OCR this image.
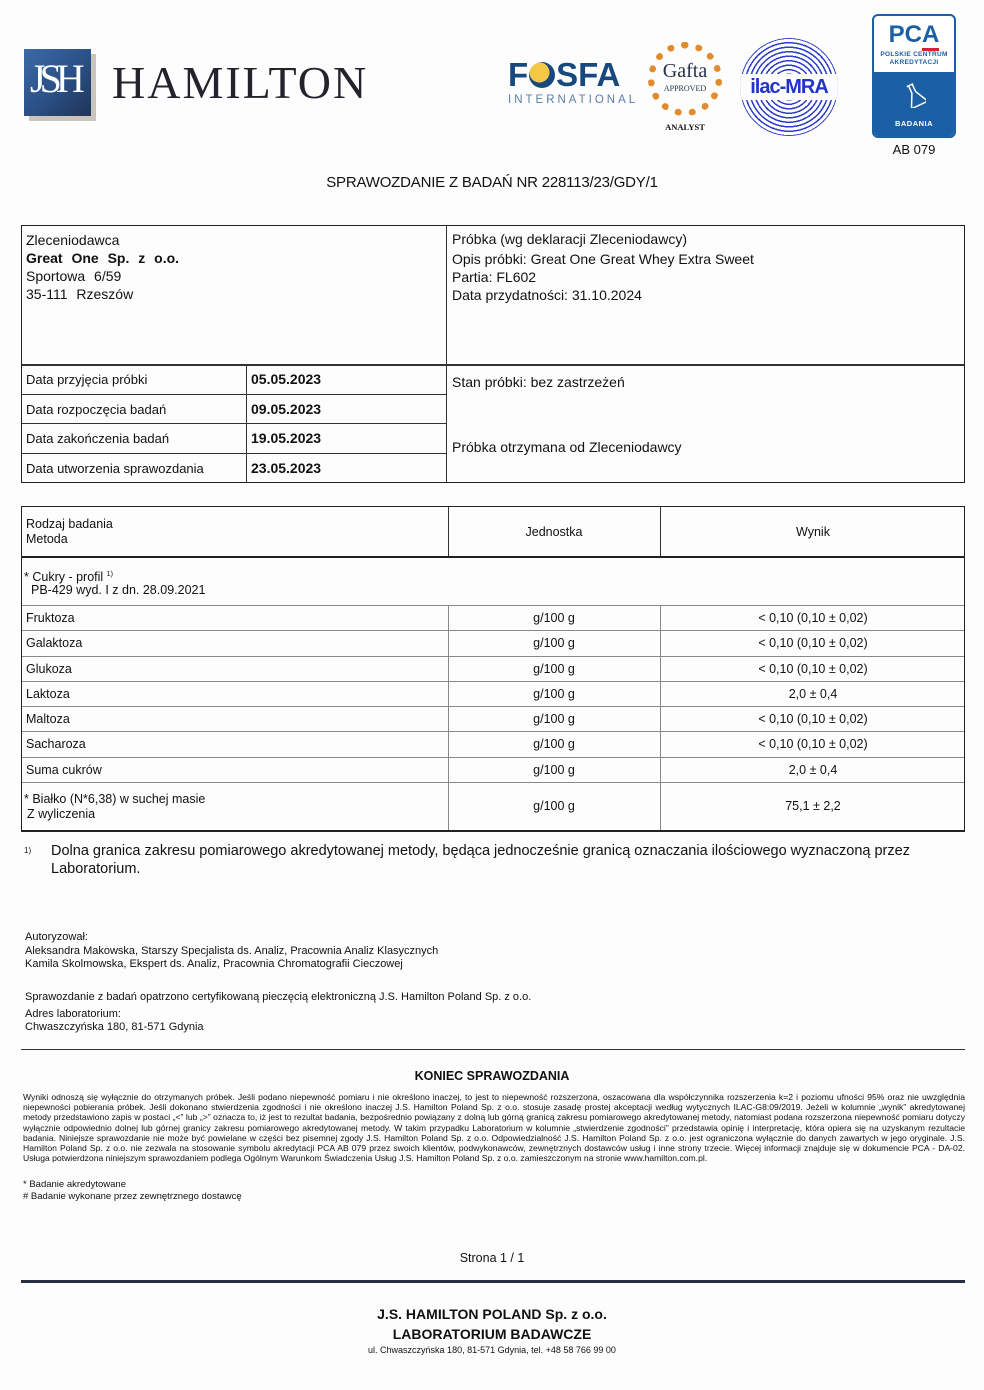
JSH HAMILTON	F SFA
INTERNATIONAL
Gafta
APPROVED
ANALYST
ilac-MRA
PCA
POLSKIE CENTRUM
AKREDYTACJI
BADANIA
AB 079
SPRAWOZDANIE Z BADAŃ NR 228113/23/GDY/1
Zleceniodawca
Great One Sp. z o.o.
Sportowa 6/59
35-111 Rzeszów
Próbka (wg deklaracji Zleceniodawcy)
Opis próbki: Great One Great Whey Extra Sweet
Partia: FL602
Data przydatności: 31.10.2024
Data przyjęcia próbki	05.05.2023
Data rozpoczęcia badań	09.05.2023
Data zakończenia badań	19.05.2023
Data utworzenia sprawozdania	23.05.2023
Stan próbki: bez zastrzeżeń
Próbka otrzymana od Zleceniodawcy
Rodzaj badania
Metoda	Jednostka	Wynik
* Cukry - profil $^{1)}$
PB-429 wyd. I z dn. 28.09.2021
Fruktoza	g/100 g	< 0,10 (0,10 ± 0,02)
Galaktoza	g/100 g	< 0,10 (0,10 ± 0,02)
Glukoza	g/100 g	< 0,10 (0,10 ± 0,02)
Laktoza	g/100 g	2,0 ± 0,4
Maltoza	g/100 g	< 0,10 (0,10 ± 0,02)
Sacharoza	g/100 g	< 0,10 (0,10 ± 0,02)
Suma cukrów	g/100 g	2,0 ± 0,4
* Białko (N*6,38) w suchej masie
Z wyliczenia
g/100 g	75,1 ± 2,2
1) Dolna granica zakresu pomiarowego akredytowanej metody, będąca jednocześnie granicą oznaczania ilościowego wyznaczoną przez Laboratorium.
Autoryzował:
Aleksandra Makowska, Starszy Specjalista ds. Analiz, Pracownia Analiz Klasycznych
Kamila Skolmowska, Ekspert ds. Analiz, Pracownia Chromatografii Cieczowej
Sprawozdanie z badań opatrzono certyfikowaną pieczęcią elektroniczną J.S. Hamilton Poland Sp. z o.o.
Adres laboratorium:
Chwaszczyńska 180, 81-571 Gdynia
KONIEC SPRAWOZDANIA
Wyniki odnoszą się wyłącznie do otrzymanych próbek. Jeśli podano niepewność pomiaru i nie określono inaczej, to jest to niepewność rozszerzona, oszacowana dla współczynnika rozszerzenia k=2 i poziomu ufności 95% oraz nie uwzględnia niepewności pobierania próbek. Jeśli dokonano stwierdzenia zgodności i nie określono inaczej J.S. Hamilton Poland Sp. z o.o. stosuje zasadę prostej akceptacji według wytycznych ILAC-G8:09/2019. Jeżeli w kolumnie „wynik” akredytowanej metody przedstawiono zapis w postaci „<” lub „>” oznacza to, iż jest to rezultat badania, bezpośrednio powiązany z dolną lub górną granicą zakresu pomiarowego akredytowanej metody, natomiast podana rozszerzona niepewność pomiaru dotyczy wyłącznie odpowiednio dolnej lub górnej granicy zakresu pomiarowego akredytowanej metody. W takim przypadku Laboratorium w kolumnie „stwierdzenie zgodności” przedstawia opinię i interpretację, która opiera się na uzyskanym rezultacie badania. Niniejsze sprawozdanie nie może być powielane w części bez pisemnej zgody J.S. Hamilton Poland Sp. z o.o. Odpowiedzialność J.S. Hamilton Poland Sp. z o.o. jest ograniczona wyłącznie do danych zawartych w jego oryginale. J.S. Hamilton Poland Sp. z o.o. nie zezwala na stosowanie symbolu akredytacji PCA AB 079 przez swoich klientów, podwykonawców, zewnętrznych dostawców usług i inne strony trzecie. Więcej informacji znajduje się w dokumencie PCA - DA-02. Usługa potwierdzona niniejszym sprawozdaniem podlega Ogólnym Warunkom Świadczenia Usług J.S. Hamilton Poland Sp. z o.o. zamieszczonym na stronie www.hamilton.com.pl.
* Badanie akredytowane
# Badanie wykonane przez zewnętrznego dostawcę
Strona 1 / 1
J.S. HAMILTON POLAND Sp. z o.o.
LABORATORIUM BADAWCZE
ul. Chwaszczyńska 180, 81-571 Gdynia, tel. +48 58 766 99 00
